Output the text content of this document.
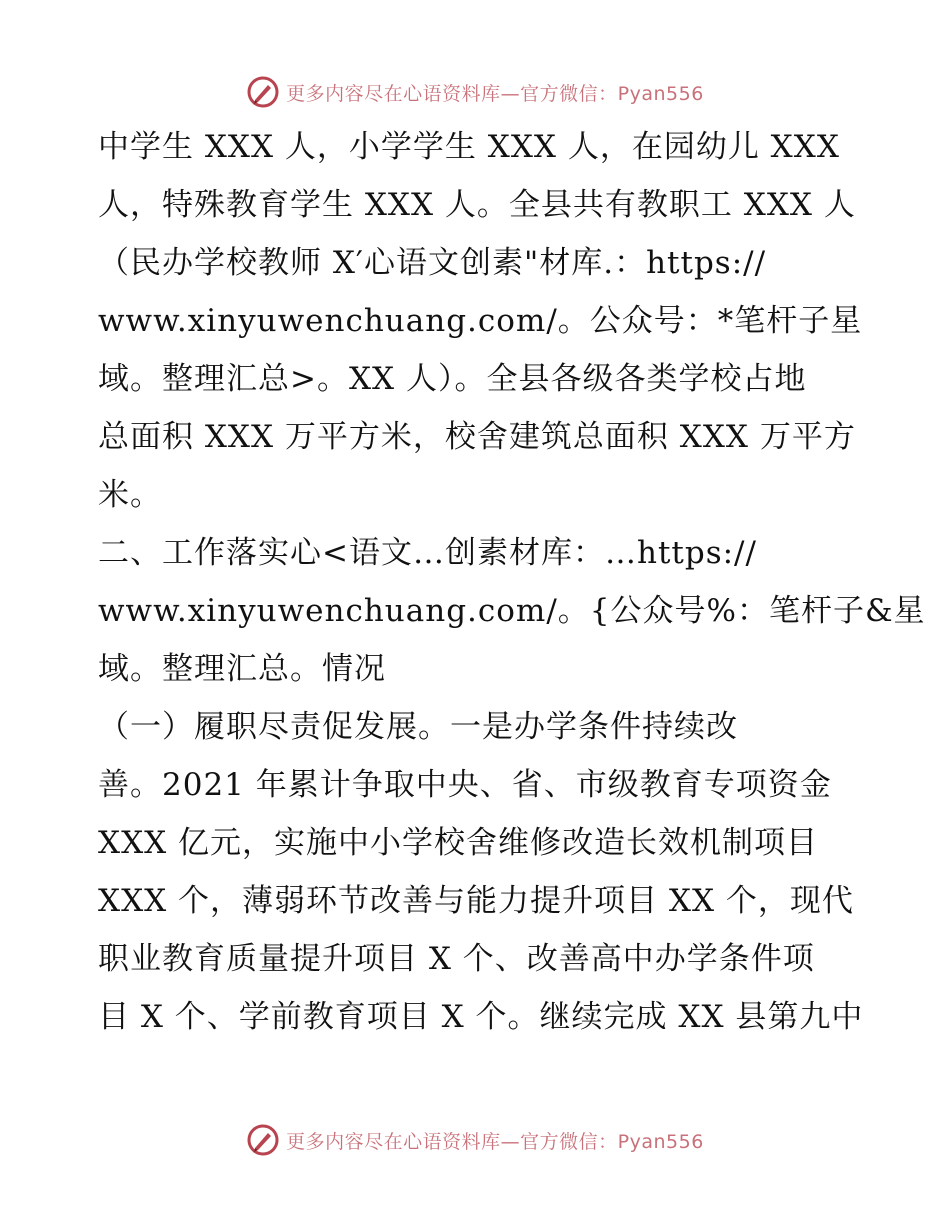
更多内容尽在心语资料库—官方微信：Pyan556

中学生 XXX 人，小学学生 XXX 人，在园幼儿 XXX
人，特殊教育学生 XXX 人。全县共有教职工 XXX 人
（民办学校教师 X′心语文创素"材库.：https://
www.xinyuwenchuang.com/。公众号：*笔杆子星
域。整理汇总>。XX 人）。全县各级各类学校占地
总面积 XXX 万平方米，校舍建筑总面积 XXX 万平方
米。

二、工作落实心<语文…创素材库：…https://
www.xinyuwenchuang.com/。{公众号%：笔杆子&星
域。整理汇总。情况

（一）履职尽责促发展。一是办学条件持续改
善。2021 年累计争取中央、省、市级教育专项资金
XXX 亿元，实施中小学校舍维修改造长效机制项目
XXX 个，薄弱环节改善与能力提升项目 XX 个，现代
职业教育质量提升项目 X 个、改善高中办学条件项
目 X 个、学前教育项目 X 个。继续完成 XX 县第九中

更多内容尽在心语资料库—官方微信：Pyan556
